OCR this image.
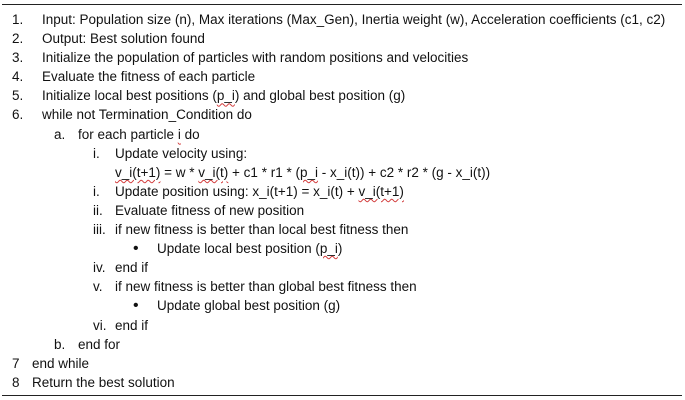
1. Input: Population size (n), Max iterations (Max_Gen), Inertia weight (w), Acceleration coefficients (c1, c2)
2. Output: Best solution found
3. Initialize the population of particles with random positions and velocities
4. Evaluate the fitness of each particle
5. Initialize local best positions (p_i) and global best position (g)
6. while not Termination_Condition do
a. for each particle i do
i. Update velocity using:
v_i(t+1) = w * v_i(t) + c1 * r1 * (p_i - x_i(t)) + c2 * r2 * (g - x_i(t))
i. Update position using: x_i(t+1) = x_i(t) + v_i(t+1)
ii. Evaluate fitness of new position
iii. if new fitness is better than local best fitness then
• Update local best position (p_i)
iv. end if
v. if new fitness is better than global best fitness then
• Update global best position (g)
vi. end if
b. end for
7 end while
8 Return the best solution
